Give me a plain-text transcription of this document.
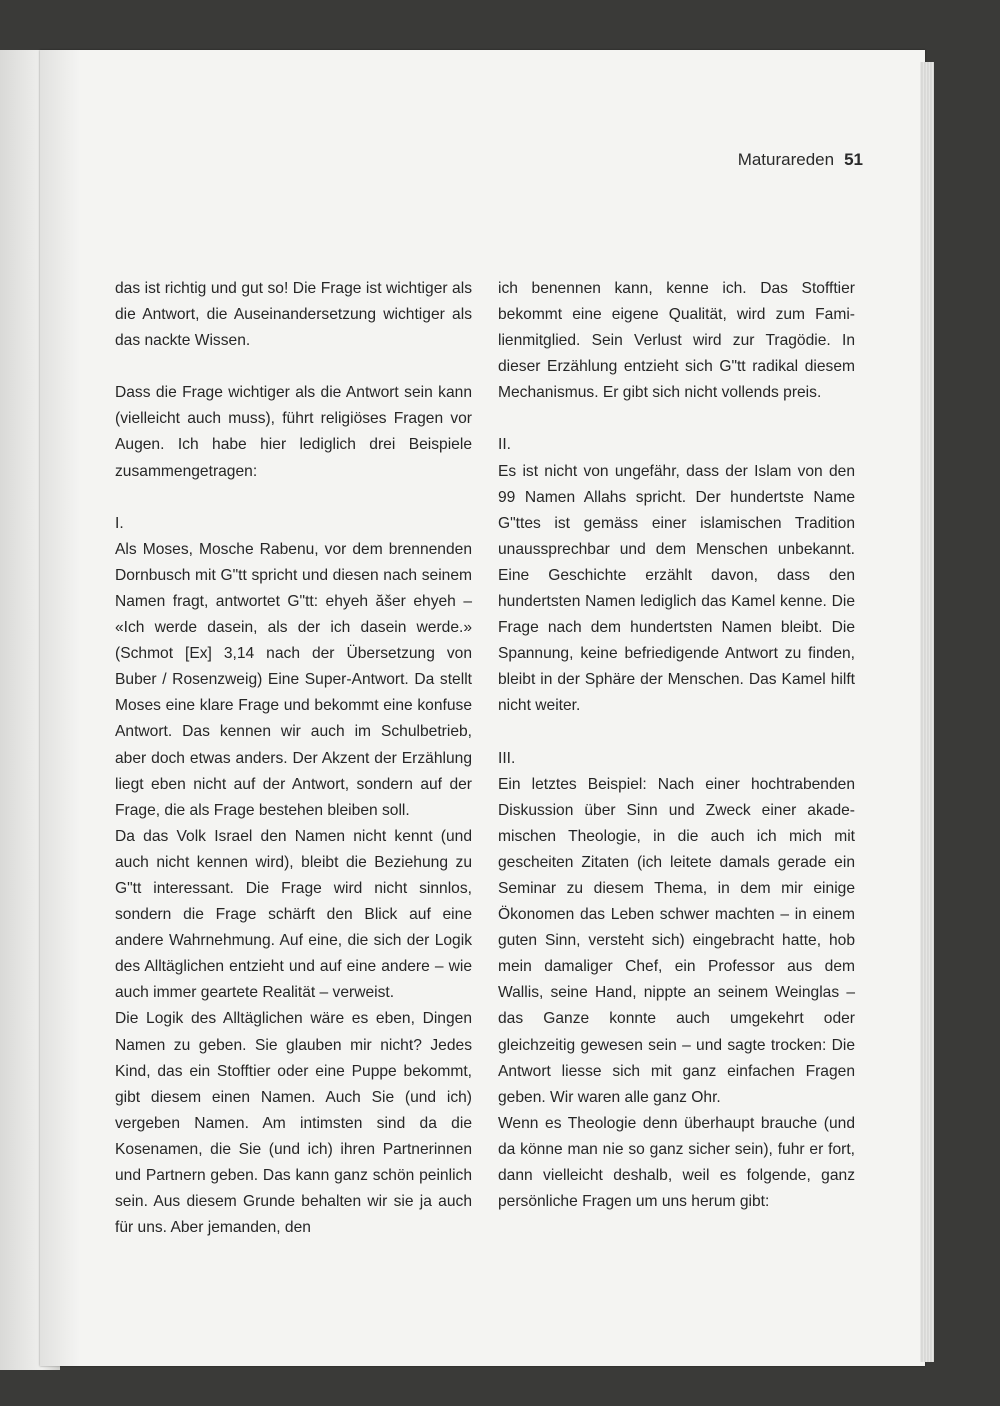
Maturareden 51

das ist richtig und gut so! Die Frage ist wichtiger als die Antwort, die Auseinandersetzung wichtiger als das nackte Wissen.

Dass die Frage wichtiger als die Antwort sein kann (vielleicht auch muss), führt religiöses Fragen vor Augen. Ich habe hier lediglich drei Beispiele zusammengetragen:

I.

Als Moses, Mosche Rabenu, vor dem brennenden Dornbusch mit G"tt spricht und diesen nach seinem Namen fragt, antwortet G"tt: ehyeh ăšer ehyeh – «Ich werde dasein, als der ich dasein werde.» (Schmot [Ex] 3,14 nach der Übersetzung von Buber / Rosenzweig) Eine Super-Antwort. Da stellt Moses eine klare Frage und bekommt eine konfuse Antwort. Das kennen wir auch im Schulbetrieb, aber doch etwas anders. Der Akzent der Erzählung liegt eben nicht auf der Antwort, sondern auf der Frage, die als Frage bestehen bleiben soll.

Da das Volk Israel den Namen nicht kennt (und auch nicht kennen wird), bleibt die Beziehung zu G"tt interessant. Die Frage wird nicht sinnlos, sondern die Frage schärft den Blick auf eine andere Wahrnehmung. Auf eine, die sich der Logik des Alltäglichen entzieht und auf eine andere – wie auch immer geartete Realität – verweist.

Die Logik des Alltäglichen wäre es eben, Dingen Namen zu geben. Sie glauben mir nicht? Jedes Kind, das ein Stofftier oder eine Puppe bekommt, gibt diesem einen Namen. Auch Sie (und ich) vergeben Namen. Am intimsten sind da die Kosenamen, die Sie (und ich) ihren Partnerinnen und Partnern geben. Das kann ganz schön peinlich sein. Aus diesem Grunde behalten wir sie ja auch für uns. Aber jemanden, den

ich benennen kann, kenne ich. Das Stofftier bekommt eine eigene Qualität, wird zum Familienmitglied. Sein Verlust wird zur Tragödie. In dieser Erzählung entzieht sich G"tt radikal diesem Mechanismus. Er gibt sich nicht vollends preis.

II.

Es ist nicht von ungefähr, dass der Islam von den 99 Namen Allahs spricht. Der hundertste Name G"ttes ist gemäss einer islamischen Tradition unaussprechbar und dem Menschen unbekannt. Eine Geschichte erzählt davon, dass den hundertsten Namen lediglich das Kamel kenne. Die Frage nach dem hundertsten Namen bleibt. Die Spannung, keine befriedigende Antwort zu finden, bleibt in der Sphäre der Menschen. Das Kamel hilft nicht weiter.

III.

Ein letztes Beispiel: Nach einer hochtrabenden Diskussion über Sinn und Zweck einer akademischen Theologie, in die auch ich mich mit gescheiten Zitaten (ich leitete damals gerade ein Seminar zu diesem Thema, in dem mir einige Ökonomen das Leben schwer machten – in einem guten Sinn, versteht sich) eingebracht hatte, hob mein damaliger Chef, ein Professor aus dem Wallis, seine Hand, nippte an seinem Weinglas – das Ganze konnte auch umgekehrt oder gleichzeitig gewesen sein – und sagte trocken: Die Antwort liesse sich mit ganz einfachen Fragen geben. Wir waren alle ganz Ohr.

Wenn es Theologie denn überhaupt brauche (und da könne man nie so ganz sicher sein), fuhr er fort, dann vielleicht deshalb, weil es folgende, ganz persönliche Fragen um uns herum gibt:
